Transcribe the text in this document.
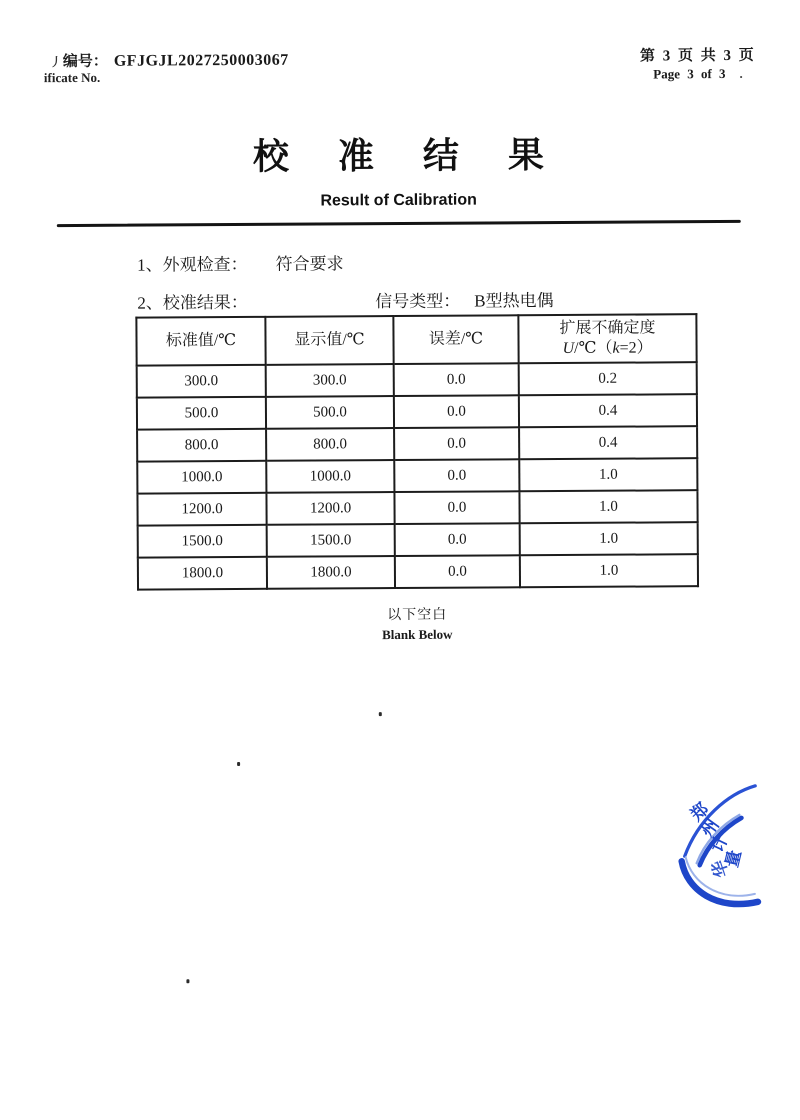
丿编号： GFJGJL2027250003067
ificate No.
第 3 页 共 3 页
Page 3 of 3 .
校 准 结 果
Result of Calibration
1、外观检查： 符合要求
2、校准结果：	信号类型： B型热电偶
标准值/℃	显示值/℃	误差/℃	扩展不确定度
U/℃（k=2）

300.0	300.0	0.0	0.2
500.0	500.0	0.0	0.4
800.0	800.0	0.0	0.4
1000.0	1000.0	0.0	1.0
1200.0	1200.0	0.0	1.0
1500.0	1500.0	0.0	1.0
1800.0	1800.0	0.0	1.0
以下空白
Blank Below
郑
州
计
量
华
